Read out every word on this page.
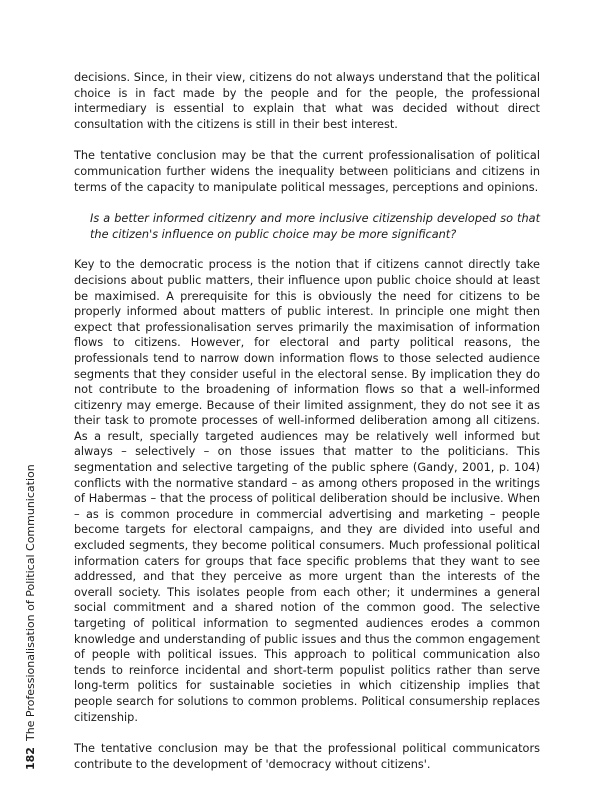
decisions. Since, in their view, citizens do not always understand that the political choice is in fact made by the people and for the people, the professional intermediary is essential to explain that what was decided without direct consultation with the citizens is still in their best interest.

The tentative conclusion may be that the current professionalisation of political communication further widens the inequality between politicians and citizens in terms of the capacity to manipulate political messages, perceptions and opinions.

Is a better informed citizenry and more inclusive citizenship developed so that the citizen's influence on public choice may be more significant?

Key to the democratic process is the notion that if citizens cannot directly take decisions about public matters, their influence upon public choice should at least be maximised. A prerequisite for this is obviously the need for citizens to be properly informed about matters of public interest. In principle one might then expect that professionalisation serves primarily the maximisation of information flows to citizens. However, for electoral and party political reasons, the professionals tend to narrow down information flows to those selected audience segments that they consider useful in the electoral sense. By implication they do not contribute to the broadening of information flows so that a well-informed citizenry may emerge. Because of their limited assignment, they do not see it as their task to promote processes of well-informed deliberation among all citizens. As a result, specially targeted audiences may be relatively well informed but always – selectively – on those issues that matter to the politicians. This segmentation and selective targeting of the public sphere (Gandy, 2001, p. 104) conflicts with the normative standard – as among others proposed in the writings of Habermas – that the process of political deliberation should be inclusive. When – as is common procedure in commercial advertising and marketing – people become targets for electoral campaigns, and they are divided into useful and excluded segments, they become political consumers. Much professional political information caters for groups that face specific problems that they want to see addressed, and that they perceive as more urgent than the interests of the overall society. This isolates people from each other; it undermines a general social commitment and a shared notion of the common good. The selective targeting of political information to segmented audiences erodes a common knowledge and understanding of public issues and thus the common engagement of people with political issues. This approach to political communication also tends to reinforce incidental and short-term populist politics rather than serve long-term politics for sustainable societies in which citizenship implies that people search for solutions to common problems. Political consumership replaces citizenship.

The tentative conclusion may be that the professional political communicators contribute to the development of 'democracy without citizens'.

182The Professionalisation of Political Communication
